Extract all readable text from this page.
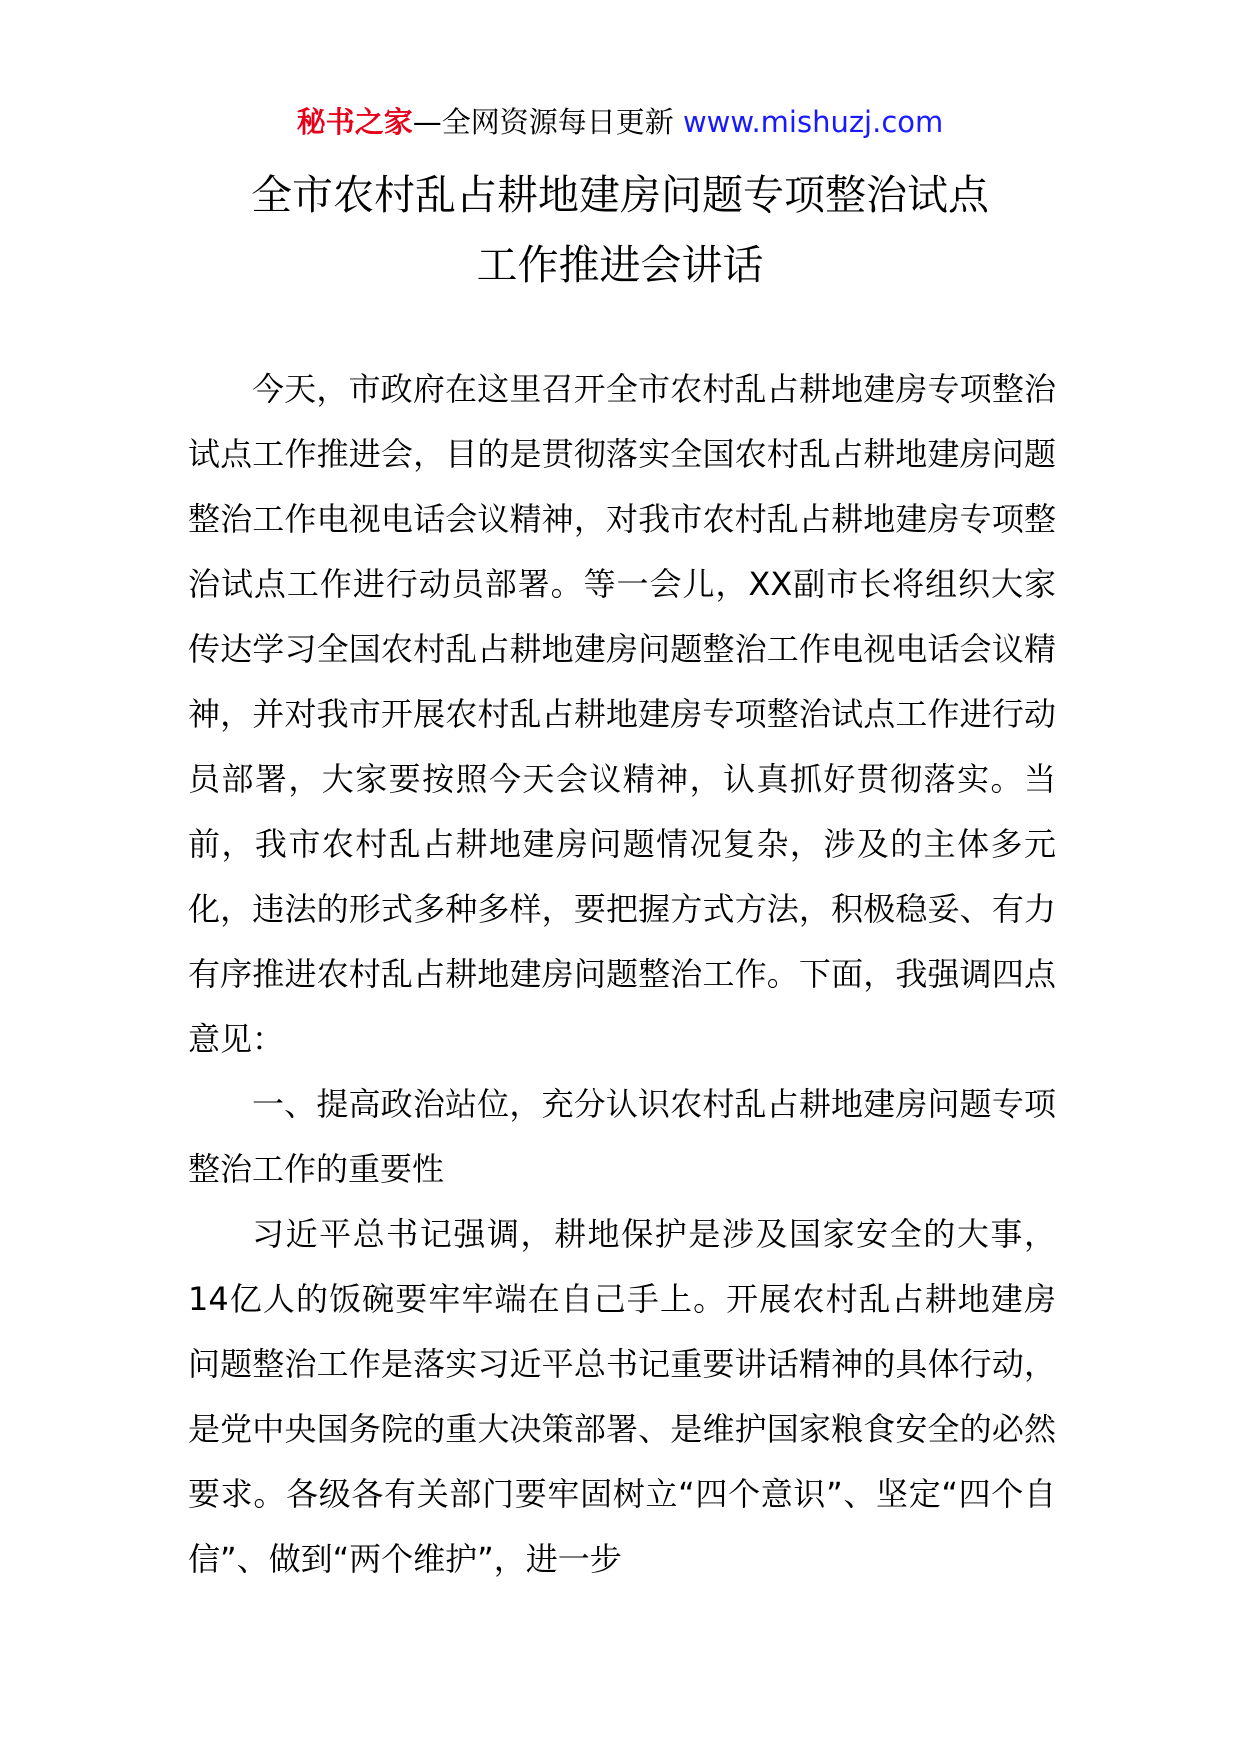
秘书之家—全网资源每日更新 www.mishuzj.com
全市农村乱占耕地建房问题专项整治试点
工作推进会讲话

今天，市政府在这里召开全市农村乱占耕地建房专项整治试点工作推进会，目的是贯彻落实全国农村乱占耕地建房问题整治工作电视电话会议精神，对我市农村乱占耕地建房专项整治试点工作进行动员部署。等一会儿，XX副市长将组织大家传达学习全国农村乱占耕地建房问题整治工作电视电话会议精神，并对我市开展农村乱占耕地建房专项整治试点工作进行动员部署，大家要按照今天会议精神，认真抓好贯彻落实。当前，我市农村乱占耕地建房问题情况复杂，涉及的主体多元化，违法的形式多种多样，要把握方式方法，积极稳妥、有力有序推进农村乱占耕地建房问题整治工作。下面，我强调四点意见：

一、提高政治站位，充分认识农村乱占耕地建房问题专项整治工作的重要性

习近平总书记强调，耕地保护是涉及国家安全的大事，14亿人的饭碗要牢牢端在自己手上。开展农村乱占耕地建房问题整治工作是落实习近平总书记重要讲话精神的具体行动，是党中央国务院的重大决策部署、是维护国家粮食安全的必然要求。各级各有关部门要牢固树立“四个意识”、坚定“四个自信”、做到“两个维护”，进一步
